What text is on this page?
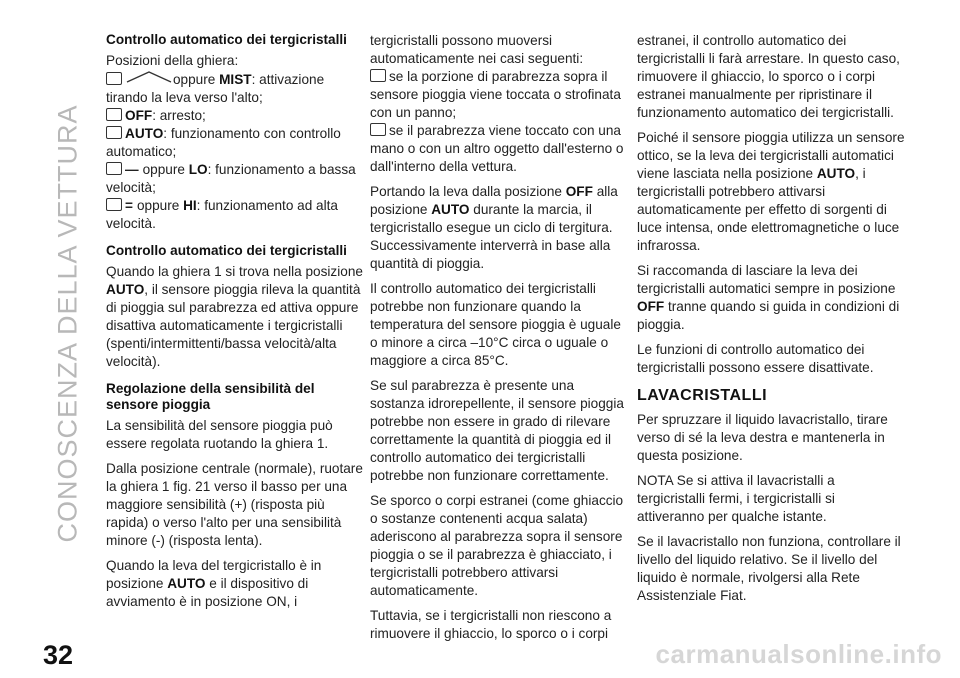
CONOSCENZA DELLA VETTURA
32
Controllo automatico dei tergicristalli

Posizioni della ghiera:

oppure MIST: attivazione tirando la leva verso l'alto;

OFF: arresto;

AUTO: funzionamento con controllo automatico;

— oppure LO: funzionamento a bassa velocità;

= oppure HI: funzionamento ad alta velocità.

Controllo automatico dei tergicristalli

Quando la ghiera 1 si trova nella posizione AUTO, il sensore pioggia rileva la quantità di pioggia sul parabrezza ed attiva oppure disattiva automaticamente i tergicristalli (spenti/intermittenti/bassa velocità/alta velocità).

Regolazione della sensibilità del sensore pioggia

La sensibilità del sensore pioggia può essere regolata ruotando la ghiera 1.

Dalla posizione centrale (normale), ruotare la ghiera 1 fig. 21 verso il basso per una maggiore sensibilità (+) (risposta più rapida) o verso l'alto per una sensibilità minore (-) (risposta lenta).

Quando la leva del tergicristallo è in posizione AUTO e il dispositivo di avviamento è in posizione ON, i

tergicristalli possono muoversi automaticamente nei casi seguenti:

se la porzione di parabrezza sopra il sensore pioggia viene toccata o strofinata con un panno;

se il parabrezza viene toccato con una mano o con un altro oggetto dall'esterno o dall'interno della vettura.

Portando la leva dalla posizione OFF alla posizione AUTO durante la marcia, il tergicristallo esegue un ciclo di tergitura. Successivamente interverrà in base alla quantità di pioggia.

Il controllo automatico dei tergicristalli potrebbe non funzionare quando la temperatura del sensore pioggia è uguale o minore a circa –10°C circa o uguale o maggiore a circa 85°C.

Se sul parabrezza è presente una sostanza idrorepellente, il sensore pioggia potrebbe non essere in grado di rilevare correttamente la quantità di pioggia ed il controllo automatico dei tergicristalli potrebbe non funzionare correttamente.

Se sporco o corpi estranei (come ghiaccio o sostanze contenenti acqua salata) aderiscono al parabrezza sopra il sensore pioggia o se il parabrezza è ghiacciato, i tergicristalli potrebbero attivarsi automaticamente.

Tuttavia, se i tergicristalli non riescono a rimuovere il ghiaccio, lo sporco o i corpi

estranei, il controllo automatico dei tergicristalli li farà arrestare. In questo caso, rimuovere il ghiaccio, lo sporco o i corpi estranei manualmente per ripristinare il funzionamento automatico dei tergicristalli.

Poiché il sensore pioggia utilizza un sensore ottico, se la leva dei tergicristalli automatici viene lasciata nella posizione AUTO, i tergicristalli potrebbero attivarsi automaticamente per effetto di sorgenti di luce intensa, onde elettromagnetiche o luce infrarossa.

Si raccomanda di lasciare la leva dei tergicristalli automatici sempre in posizione OFF tranne quando si guida in condizioni di pioggia.

Le funzioni di controllo automatico dei tergicristalli possono essere disattivate.

LAVACRISTALLI

Per spruzzare il liquido lavacristallo, tirare verso di sé la leva destra e mantenerla in questa posizione.

NOTA Se si attiva il lavacristalli a tergicristalli fermi, i tergicristalli si attiveranno per qualche istante.

Se il lavacristallo non funziona, controllare il livello del liquido relativo. Se il livello del liquido è normale, rivolgersi alla Rete Assistenziale Fiat.

carmanualsonline.info
